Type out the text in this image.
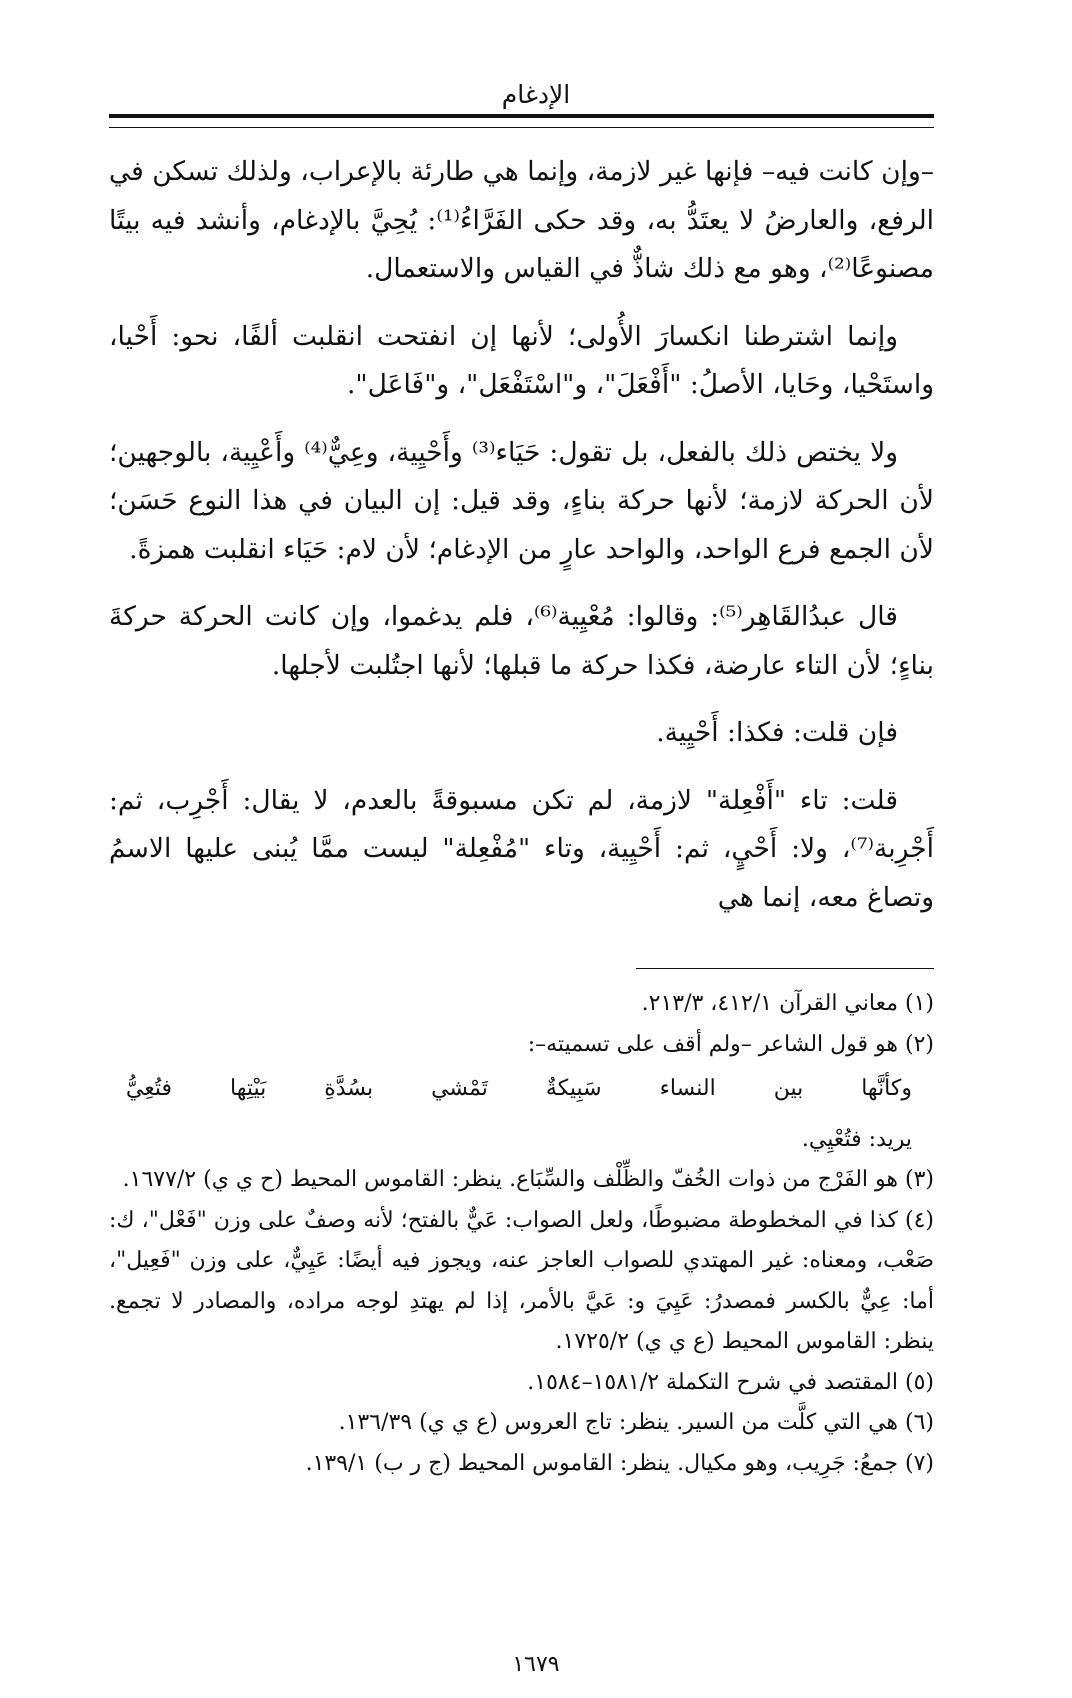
الإدغام

–وإن كانت فيه– فإنها غير لازمة، وإنما هي طارئة بالإعراب، ولذلك تسكن في الرفع، والعارضُ لا يعتَدُّ به، وقد حكى الفَرَّاءُ⁽¹⁾: يُحِيَّ بالإدغام، وأنشد فيه بيتًا مصنوعًا⁽²⁾، وهو مع ذلك شاذٌّ في القياس والاستعمال.

وإنما اشترطنا انكسارَ الأُولى؛ لأنها إن انفتحت انقلبت ألفًا، نحو: أَحْيا، واستَحْيا، وحَايا، الأصلُ: "أَفْعَلَ"، و"اسْتَفْعَل"، و"فَاعَل".

ولا يختص ذلك بالفعل، بل تقول: حَيَاء⁽³⁾ وأَحْيِية، وعِيٌّ⁽⁴⁾ وأَعْيِية، بالوجهين؛ لأن الحركة لازمة؛ لأنها حركة بناءٍ، وقد قيل: إن البيان في هذا النوع حَسَن؛ لأن الجمع فرع الواحد، والواحد عارٍ من الإدغام؛ لأن لام: حَيَاء انقلبت همزةً.

قال عبدُالقَاهِر⁽⁵⁾: وقالوا: مُعْيِية⁽⁶⁾، فلم يدغموا، وإن كانت الحركة حركةَ بناءٍ؛ لأن التاء عارضة، فكذا حركة ما قبلها؛ لأنها اجتُلبت لأجلها.

فإن قلت: فكذا: أَحْيِية.

قلت: تاء "أَفْعِلة" لازمة، لم تكن مسبوقةً بالعدم، لا يقال: أَجْرِب، ثم: أَجْرِبة⁽⁷⁾، ولا: أَحْيٍ، ثم: أَحْيِية، وتاء "مُفْعِلة" ليست ممَّا يُبنى عليها الاسمُ وتصاغ معه، إنما هي

(١) معاني القرآن ٤١٢/١، ٢١٣/٣.

(٢) هو قول الشاعر –ولم أقف على تسميته–:

وكأنَّها
بين
النساء
سَبِيكةٌ
تَمْشي
بسُدَّةِ
بَيْتِها
فتُعِيُّ

يريد: فتُعْيِي.

(٣) هو الفَرْج من ذوات الخُفّ والظِّلْف والسِّبَاع. ينظر: القاموس المحيط (ح ي ي) ١٦٧٧/٢.

(٤) كذا في المخطوطة مضبوطًا، ولعل الصواب: عَيٌّ بالفتح؛ لأنه وصفٌ على وزن "فَعْل"، ك: صَعْب، ومعناه: غير المهتدي للصواب العاجز عنه، ويجوز فيه أيضًا: عَيِيٌّ، على وزن "فَعِيل"، أما: عِيٌّ بالكسر فمصدرُ: عَيِيَ و: عَيَّ بالأمر، إذا لم يهتدِ لوجه مراده، والمصادر لا تجمع. ينظر: القاموس المحيط (ع ي ي) ١٧٢٥/٢.

(٥) المقتصد في شرح التكملة ١٥٨١/٢–١٥٨٤.

(٦) هي التي كلَّت من السير. ينظر: تاج العروس (ع ي ي) ١٣٦/٣٩.

(٧) جمعُ: جَرِيب، وهو مكيال. ينظر: القاموس المحيط (ج ر ب) ١٣٩/١.

١٦٧٩
